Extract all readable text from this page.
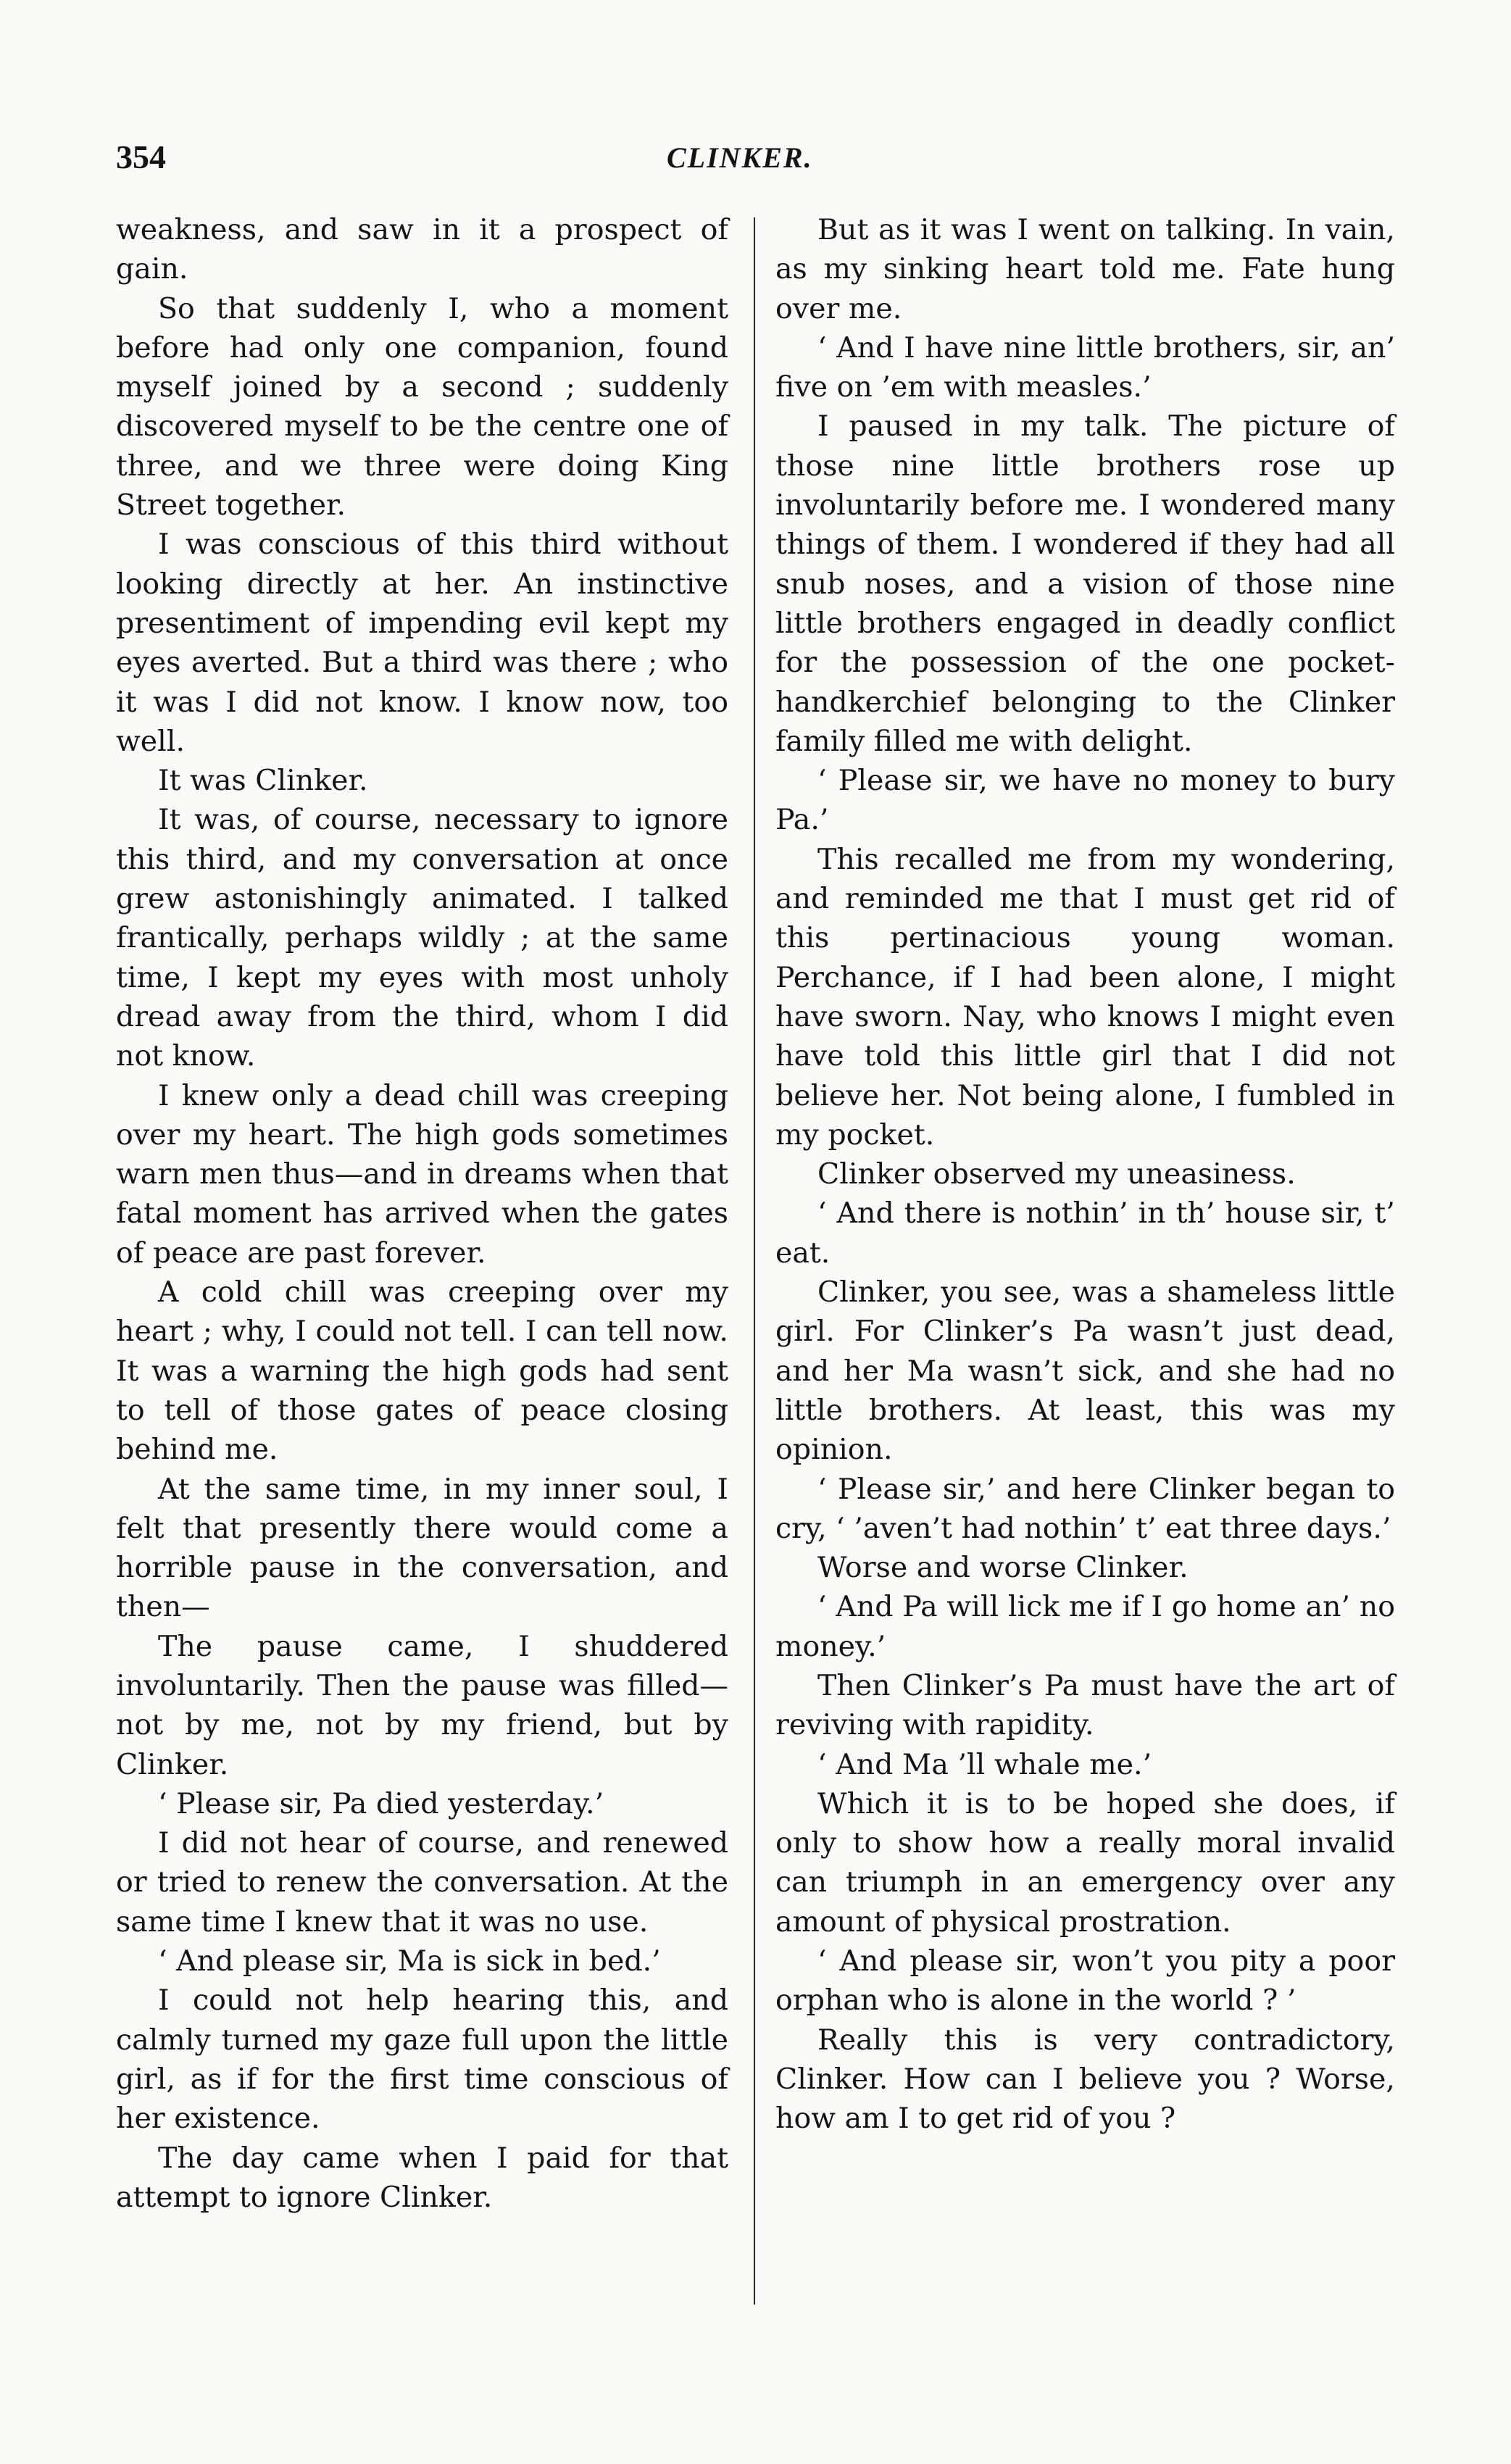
354	CLINKER.

weakness, and saw in it a prospect of gain.

So that suddenly I, who a moment before had only one companion, found myself joined by a second ; suddenly discovered myself to be the centre one of three, and we three were doing King Street together.

I was conscious of this third without looking directly at her. An instinctive presentiment of impending evil kept my eyes averted. But a third was there ; who it was I did not know. I know now, too well.

It was Clinker.

It was, of course, necessary to ignore this third, and my conversation at once grew astonishingly animated. I talked frantically, perhaps wildly ; at the same time, I kept my eyes with most unholy dread away from the third, whom I did not know.

I knew only a dead chill was creeping over my heart. The high gods sometimes warn men thus—and in dreams when that fatal moment has arrived when the gates of peace are past forever.

A cold chill was creeping over my heart ; why, I could not tell. I can tell now. It was a warning the high gods had sent to tell of those gates of peace closing behind me.

At the same time, in my inner soul, I felt that presently there would come a horrible pause in the conversation, and then—

The pause came, I shuddered involuntarily. Then the pause was filled—not by me, not by my friend, but by Clinker.

‘ Please sir, Pa died yesterday.’

I did not hear of course, and renewed or tried to renew the conversation. At the same time I knew that it was no use.

‘ And please sir, Ma is sick in bed.’

I could not help hearing this, and calmly turned my gaze full upon the little girl, as if for the first time conscious of her existence.

The day came when I paid for that attempt to ignore Clinker.

But as it was I went on talking. In vain, as my sinking heart told me. Fate hung over me.

‘ And I have nine little brothers, sir, an’ five on ’em with measles.’

I paused in my talk. The picture of those nine little brothers rose up involuntarily before me. I wondered many things of them. I wondered if they had all snub noses, and a vision of those nine little brothers engaged in deadly conflict for the possession of the one pocket-handkerchief belonging to the Clinker family filled me with delight.

‘ Please sir, we have no money to bury Pa.’

This recalled me from my wondering, and reminded me that I must get rid of this pertinacious young woman. Perchance, if I had been alone, I might have sworn. Nay, who knows I might even have told this little girl that I did not believe her. Not being alone, I fumbled in my pocket.

Clinker observed my uneasiness.

‘ And there is nothin’ in th’ house sir, t’ eat.

Clinker, you see, was a shameless little girl. For Clinker’s Pa wasn’t just dead, and her Ma wasn’t sick, and she had no little brothers. At least, this was my opinion.

‘ Please sir,’ and here Clinker began to cry, ‘ ’aven’t had nothin’ t’ eat three days.’

Worse and worse Clinker.

‘ And Pa will lick me if I go home an’ no money.’

Then Clinker’s Pa must have the art of reviving with rapidity.

‘ And Ma ’ll whale me.’

Which it is to be hoped she does, if only to show how a really moral invalid can triumph in an emergency over any amount of physical prostration.

‘ And please sir, won’t you pity a poor orphan who is alone in the world ? ’

Really this is very contradictory, Clinker. How can I believe you ? Worse, how am I to get rid of you ?
